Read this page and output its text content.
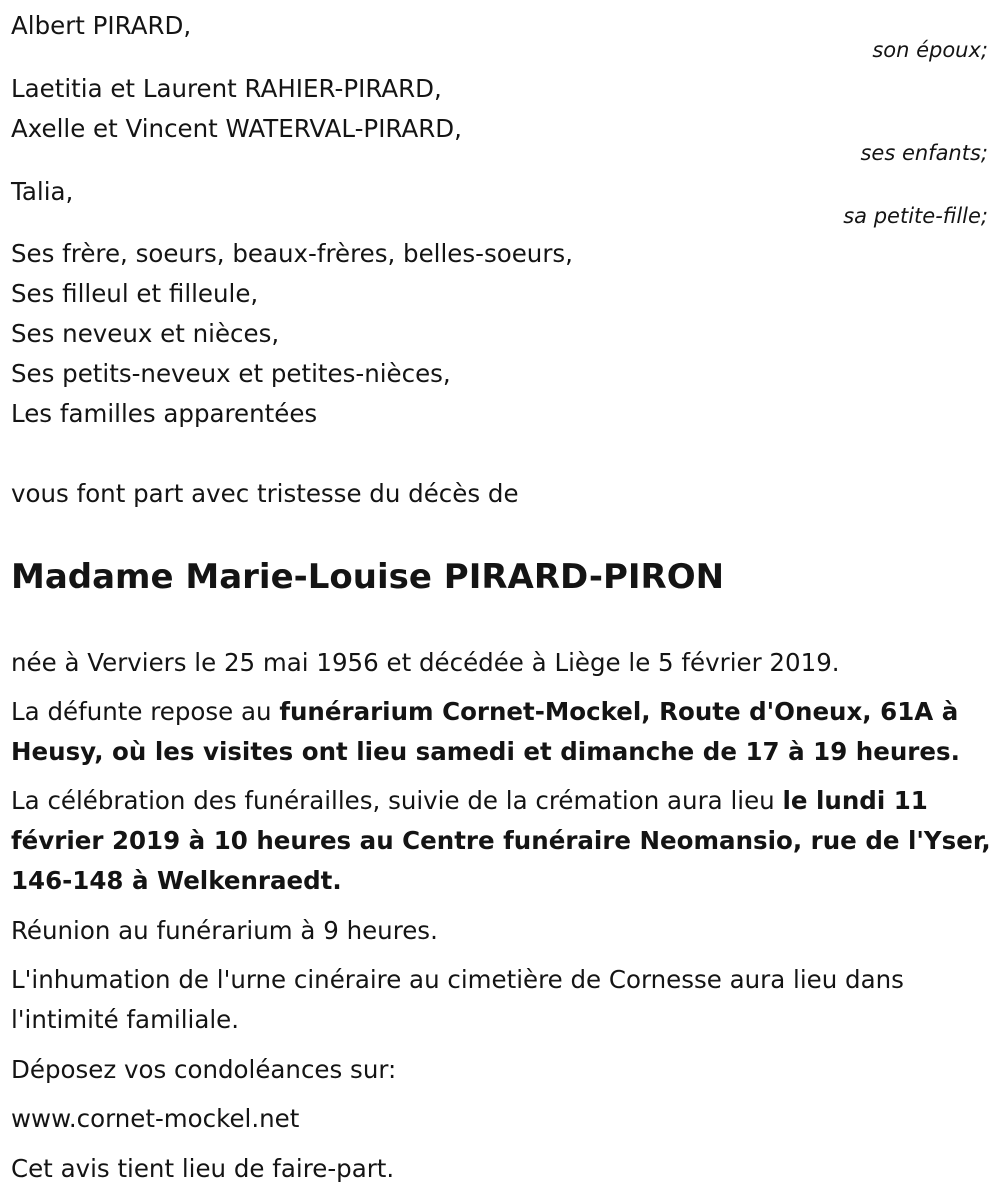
Albert PIRARD,
son époux;
Laetitia et Laurent RAHIER-PIRARD,
Axelle et Vincent WATERVAL-PIRARD,
ses enfants;
Talia,
sa petite-fille;
Ses frère, soeurs, beaux-frères, belles-soeurs,
Ses filleul et filleule,
Ses neveux et nièces,
Ses petits-neveux et petites-nièces,
Les familles apparentées
vous font part avec tristesse du décès de
Madame Marie-Louise PIRARD-PIRON
née à Verviers le 25 mai 1956 et décédée à Liège le 5 février 2019.
La défunte repose au funérarium Cornet-Mockel, Route d'Oneux, 61A à Heusy, où les visites ont lieu samedi et dimanche de 17 à 19 heures.
La célébration des funérailles, suivie de la crémation aura lieu le lundi 11 février 2019 à 10 heures au Centre funéraire Neomansio, rue de l'Yser, 146-148 à Welkenraedt.
Réunion au funérarium à 9 heures.
L'inhumation de l'urne cinéraire au cimetière de Cornesse aura lieu dans l'intimité familiale.
Déposez vos condoléances sur:
www.cornet-mockel.net
Cet avis tient lieu de faire-part.
